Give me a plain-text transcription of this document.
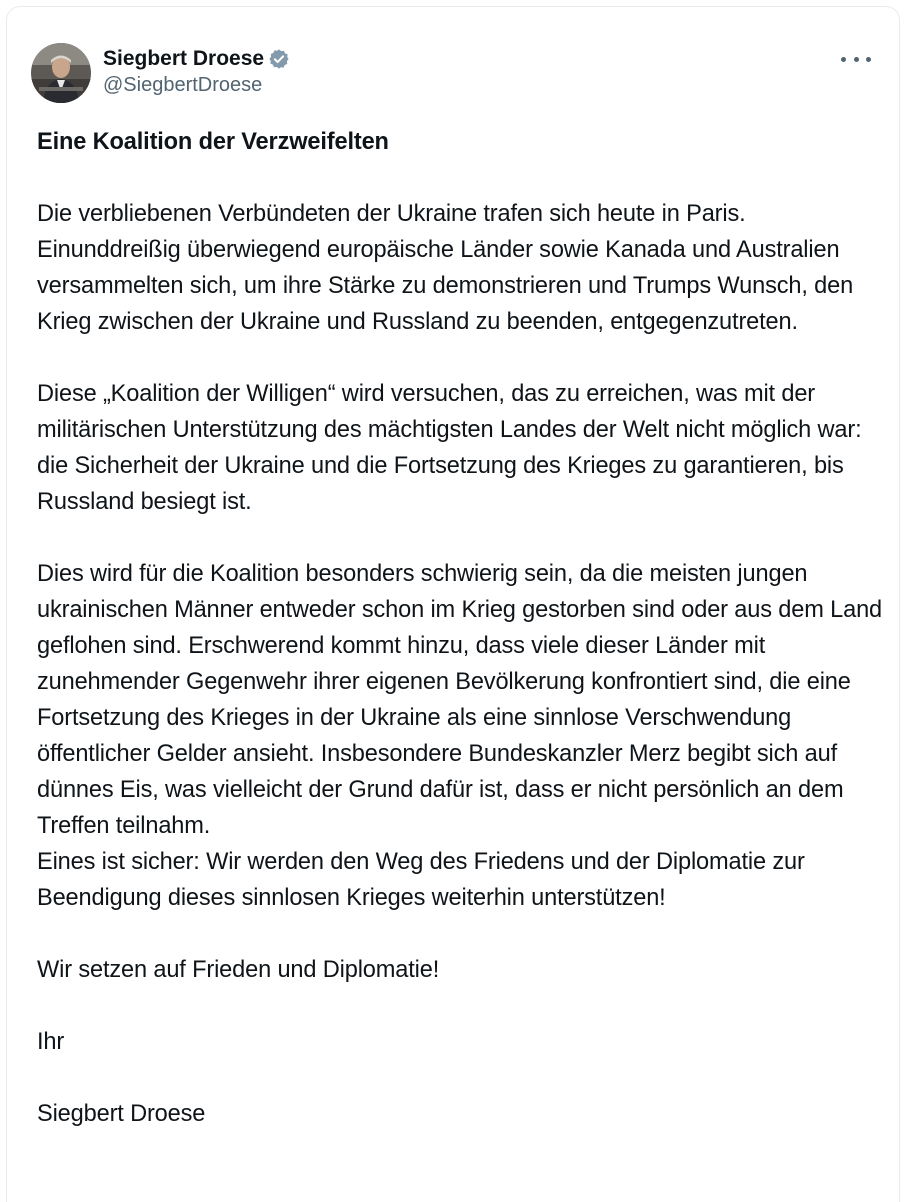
Siegbert Droese
@SiegbertDroese

Eine Koalition der Verzweifelten

Die verbliebenen Verbündeten der Ukraine trafen sich heute in Paris. Einunddreißig überwiegend europäische Länder sowie Kanada und Australien versammelten sich, um ihre Stärke zu demonstrieren und Trumps Wunsch, den Krieg zwischen der Ukraine und Russland zu beenden, entgegenzutreten.

Diese „Koalition der Willigen“ wird versuchen, das zu erreichen, was mit der militärischen Unterstützung des mächtigsten Landes der Welt nicht möglich war: die Sicherheit der Ukraine und die Fortsetzung des Krieges zu garantieren, bis Russland besiegt ist.

Dies wird für die Koalition besonders schwierig sein, da die meisten jungen ukrainischen Männer entweder schon im Krieg gestorben sind oder aus dem Land geflohen sind. Erschwerend kommt hinzu, dass viele dieser Länder mit zunehmender Gegenwehr ihrer eigenen Bevölkerung konfrontiert sind, die eine Fortsetzung des Krieges in der Ukraine als eine sinnlose Verschwendung öffentlicher Gelder ansieht. Insbesondere Bundeskanzler Merz begibt sich auf dünnes Eis, was vielleicht der Grund dafür ist, dass er nicht persönlich an dem Treffen teilnahm.

Eines ist sicher: Wir werden den Weg des Friedens und der Diplomatie zur Beendigung dieses sinnlosen Krieges weiterhin unterstützen!

Wir setzen auf Frieden und Diplomatie!

Ihr

Siegbert Droese
